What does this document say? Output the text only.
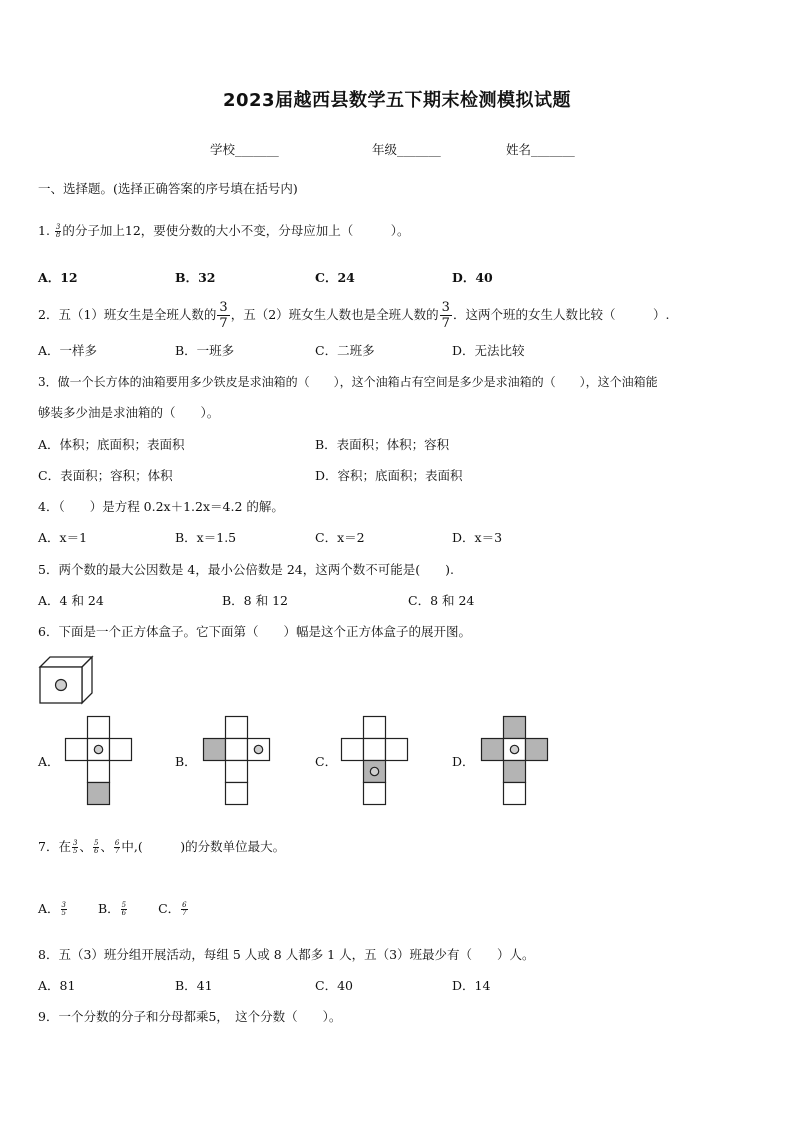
2023届越西县数学五下期末检测模拟试题
学校_______	年级_______	姓名_______
一、选择题。(选择正确答案的序号填在括号内)
1. $\frac{3}{8}$ 的分子加上12，要使分数的大小不变，分母应加上（　　　）。
A．12	B．32	C．24	D．40
2．五（1）班女生是全班人数的 $\frac{3}{7}$ ，五（2）班女生人数也是全班人数的 $\frac{3}{7}$ ．这两个班的女生人数比较（　　　）.
A．一样多	B．一班多	C．二班多	D．无法比较
3．做一个长方体的油箱要用多少铁皮是求油箱的（　　），这个油箱占有空间是多少是求油箱的（　　），这个油箱能
够装多少油是求油箱的（　　）。
A．体积；底面积；表面积	B．表面积；体积；容积
C．表面积；容积；体积	D．容积；底面积；表面积
4．（　　）是方程 0.2x＋1.2x＝4.2 的解。
A．x＝1	B．x＝1.5	C．x＝2	D．x＝3
5．两个数的最大公因数是 4，最小公倍数是 24，这两个数不可能是(　　).
A．4 和 24	B．8 和 12	C．8 和 24
6．下面是一个正方体盒子。它下面第（　　）幅是这个正方体盒子的展开图。
A．	B．	C．	D．
7．在 $\frac{3}{5}$ 、 $\frac{5}{6}$ 、 $\frac{6}{7}$ 中,(　　　)的分数单位最大。
A． $\frac{3}{5}$ B． $\frac{5}{6}$ C． $\frac{6}{7}$
8．五（3）班分组开展活动，每组 5 人或 8 人都多 1 人，五（3）班最少有（　　）人。
A．81	B．41	C．40	D．14
9．一个分数的分子和分母都乘5，　这个分数（　　）。
